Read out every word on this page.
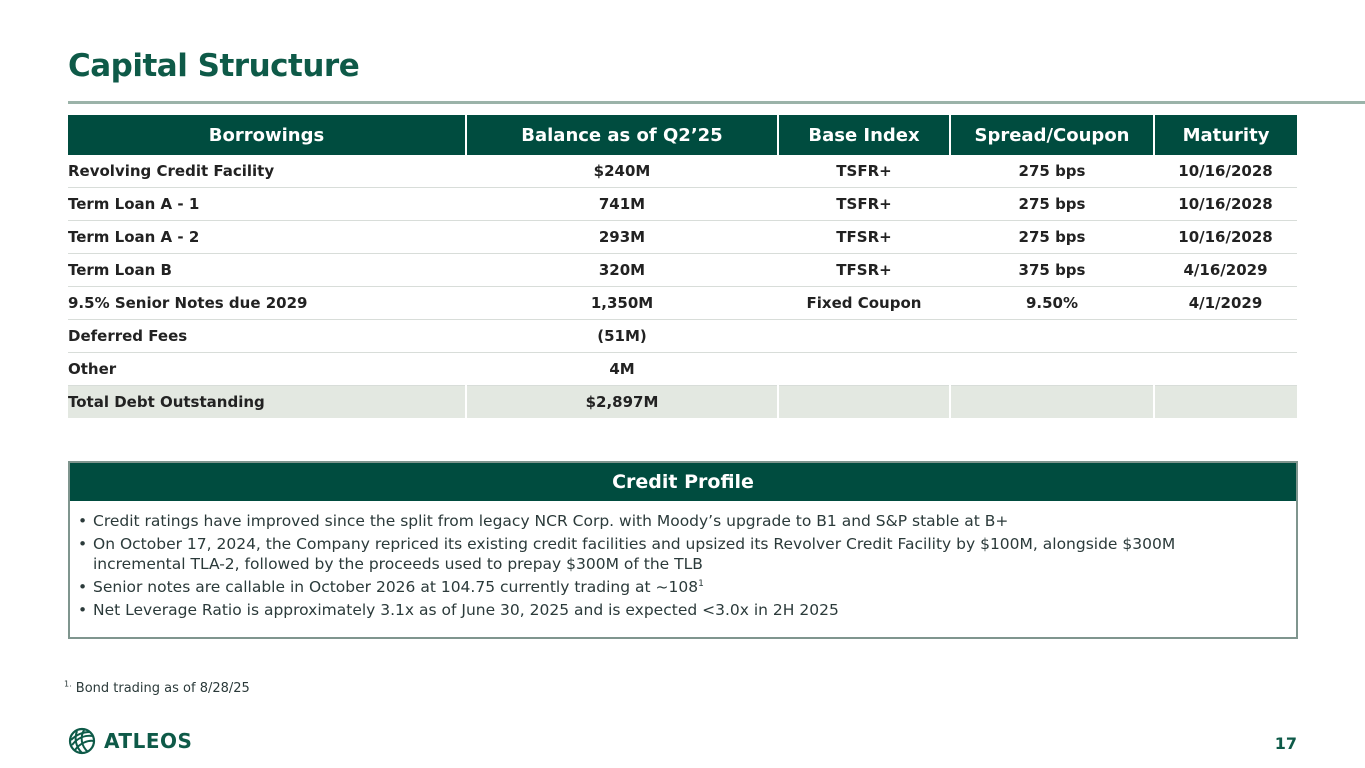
Capital Structure
Borrowings	Balance as of Q2’25	Base Index	Spread/Coupon	Maturity
Revolving Credit Facility	$240M	TSFR+	275 bps	10/16/2028
Term Loan A - 1	741M	TSFR+	275 bps	10/16/2028
Term Loan A - 2	293M	TFSR+	275 bps	10/16/2028
Term Loan B	320M	TFSR+	375 bps	4/16/2029
9.5% Senior Notes due 2029	1,350M	Fixed Coupon	9.50%	4/1/2029
Deferred Fees	(51M)			
Other	4M			
Total Debt Outstanding	$2,897M			
Credit Profile
• Credit ratings have improved since the split from legacy NCR Corp. with Moody’s upgrade to B1 and S&P stable at B+
• On October 17, 2024, the Company repriced its existing credit facilities and upsized its Revolver Credit Facility by $100M, alongside $300M incremental TLA-2, followed by the proceeds used to prepay $300M of the TLB
• Senior notes are callable in October 2026 at 104.75 currently trading at $\sim 108^1$
• Net Leverage Ratio is approximately 3.1x as of June 30, 2025 and is expected <3.0x in 2H 2025
$^{1.}$ Bond trading as of 8/28/25
ATLEOS	17
